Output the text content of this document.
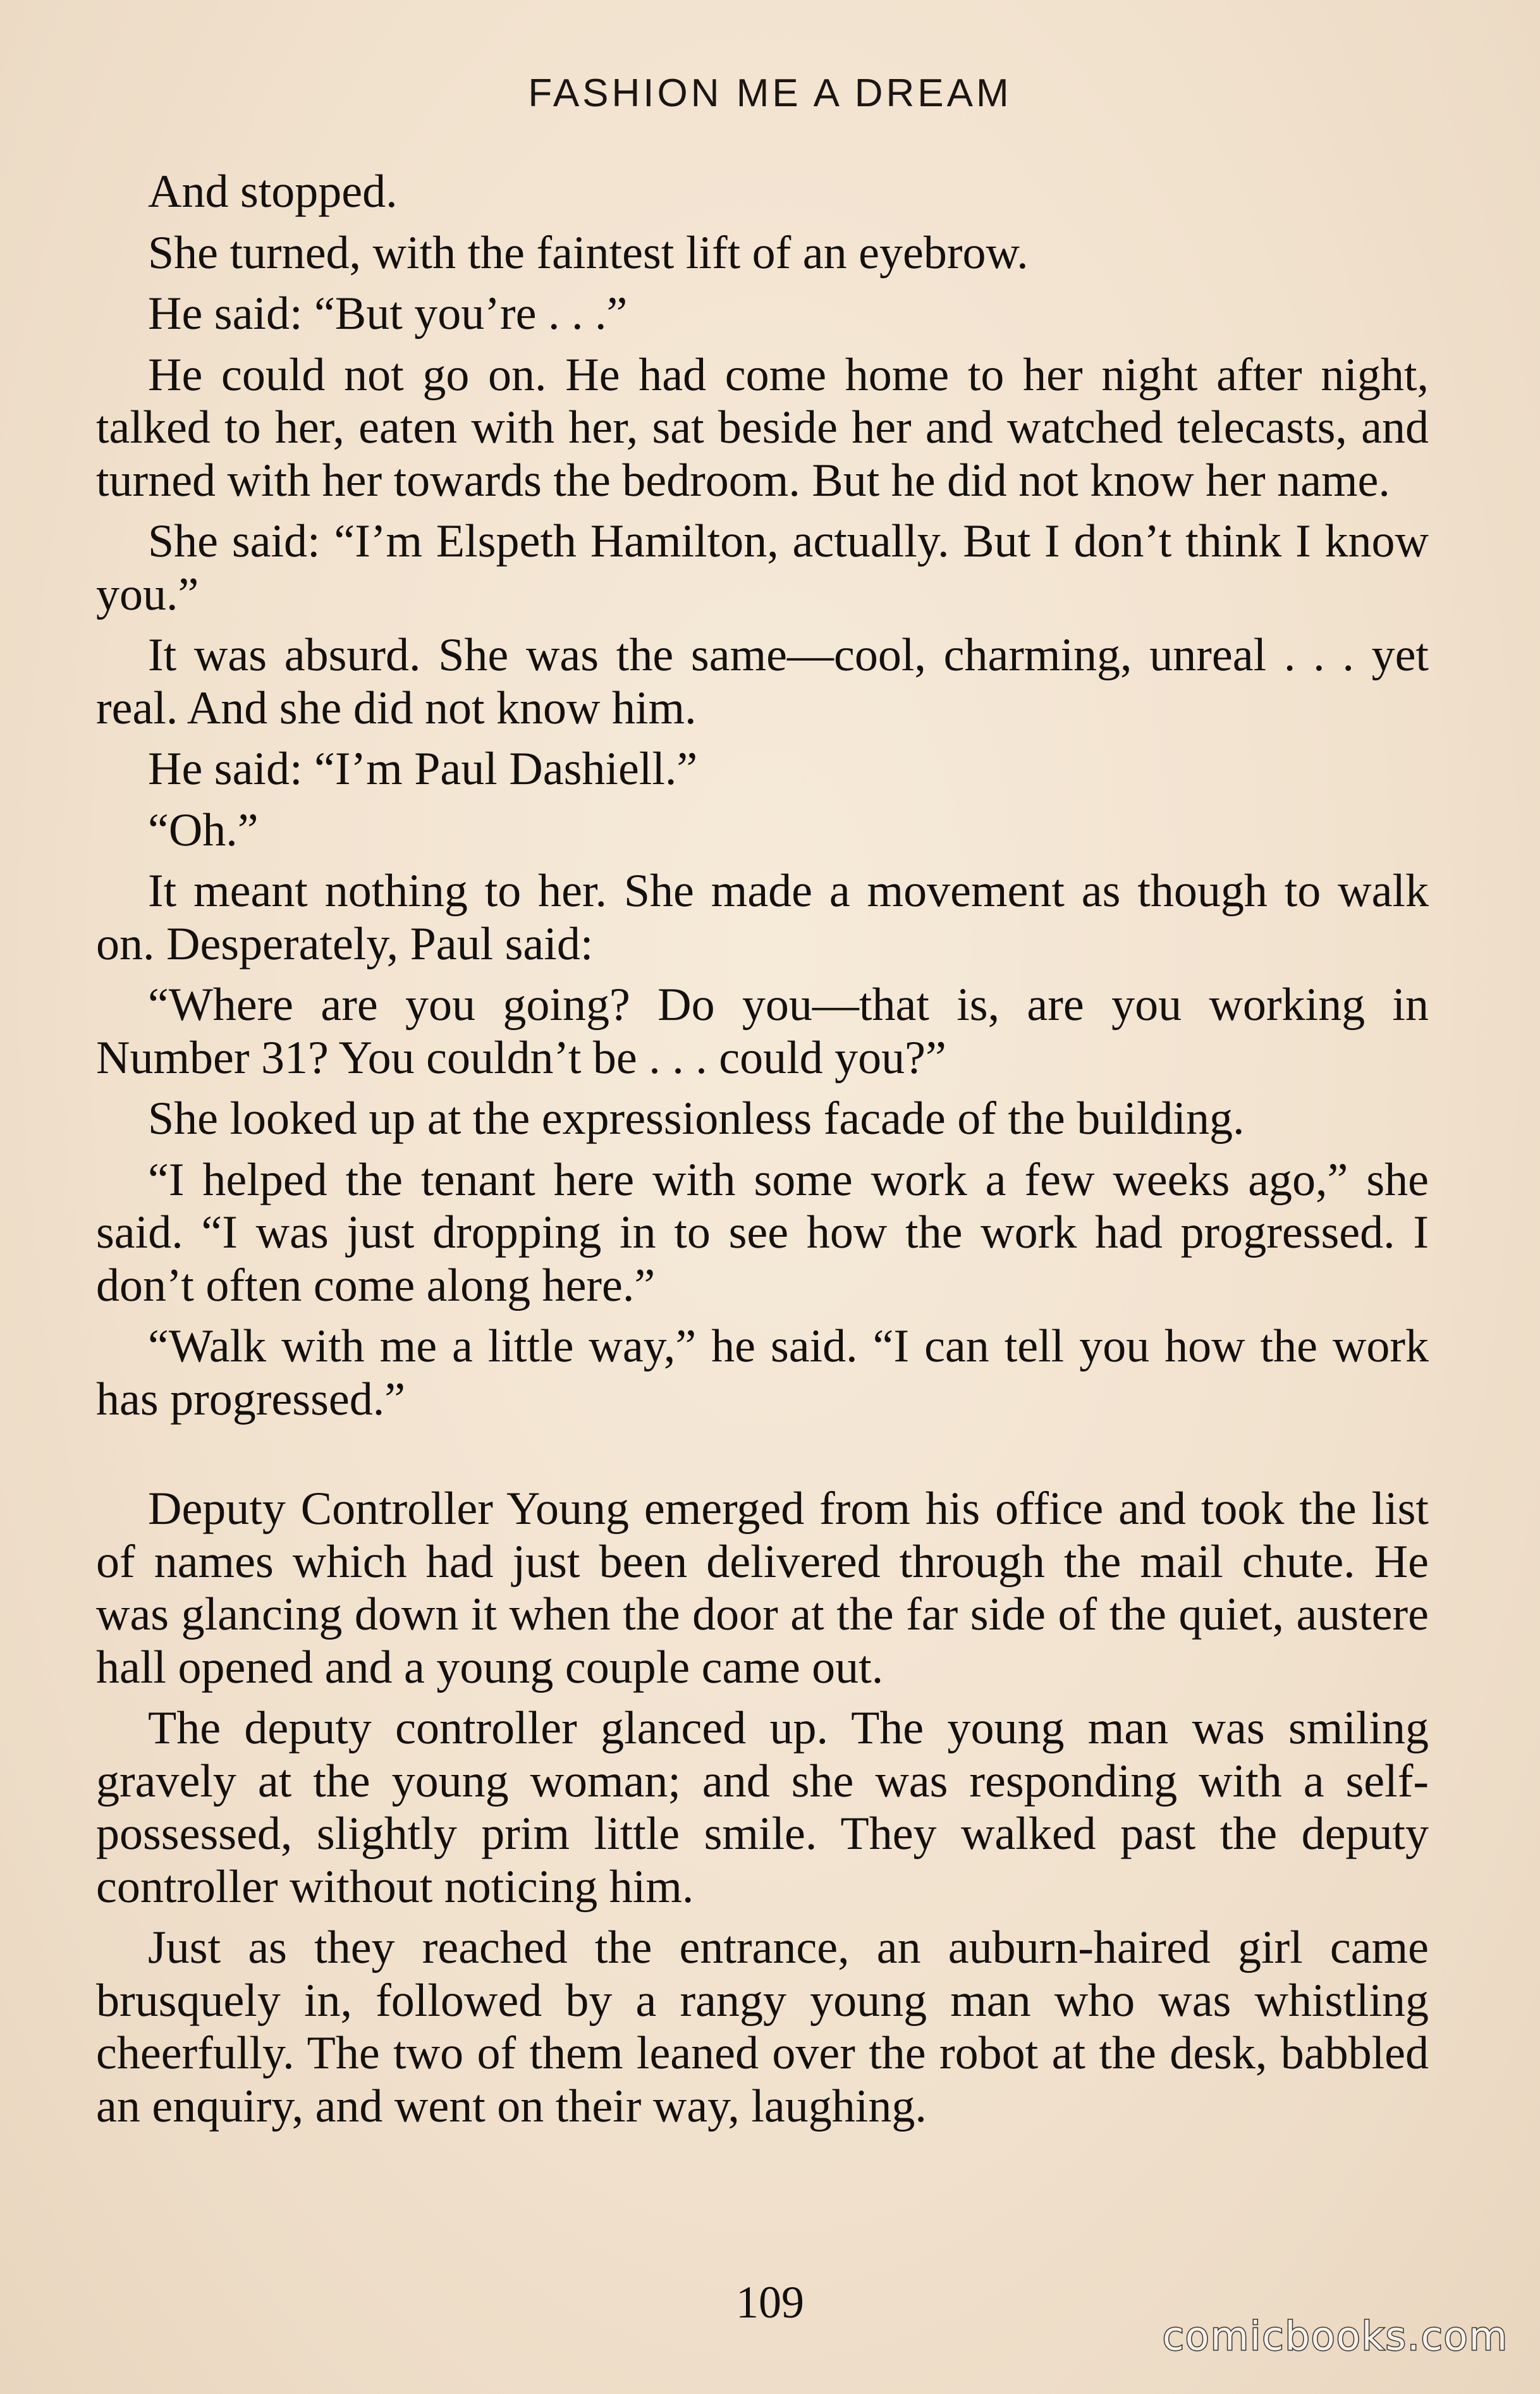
FASHION ME A DREAM

And stopped.

She turned, with the faintest lift of an eyebrow.

He said: “But you’re . . .”

He could not go on. He had come home to her night after night, talked to her, eaten with her, sat beside her and watched telecasts, and turned with her towards the bedroom. But he did not know her name.

She said: “I’m Elspeth Hamilton, actually. But I don’t think I know you.”

It was absurd. She was the same—cool, charming, unreal . . . yet real. And she did not know him.

He said: “I’m Paul Dashiell.”

“Oh.”

It meant nothing to her. She made a movement as though to walk on. Desperately, Paul said:

“Where are you going? Do you—that is, are you working in Number 31? You couldn’t be . . . could you?”

She looked up at the expressionless facade of the building.

“I helped the tenant here with some work a few weeks ago,” she said. “I was just dropping in to see how the work had progressed. I don’t often come along here.”

“Walk with me a little way,” he said. “I can tell you how the work has progressed.”

Deputy Controller Young emerged from his office and took the list of names which had just been delivered through the mail chute. He was glancing down it when the door at the far side of the quiet, austere hall opened and a young couple came out.

The deputy controller glanced up. The young man was smiling gravely at the young woman; and she was responding with a self-possessed, slightly prim little smile. They walked past the deputy controller without noticing him.

Just as they reached the entrance, an auburn-haired girl came brusquely in, followed by a rangy young man who was whistling cheerfully. The two of them leaned over the robot at the desk, babbled an enquiry, and went on their way, laughing.

109
comicbooks.com
